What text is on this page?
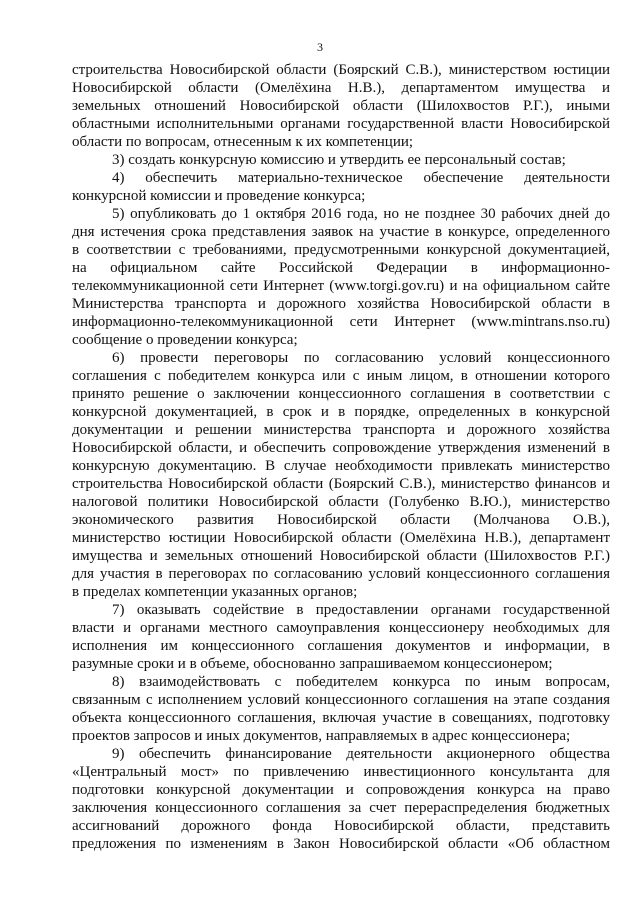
3
строительства Новосибирской области (Боярский С.В.), министерством юстиции
Новосибирской области (Омелёхина Н.В.), департаментом имущества и
земельных отношений Новосибирской области (Шилохвостов Р.Г.), иными
областными исполнительными органами государственной власти Новосибирской
области по вопросам, отнесенным к их компетенции;
3) создать конкурсную комиссию и утвердить ее персональный состав;
4) обеспечить материально-техническое обеспечение деятельности
конкурсной комиссии и проведение конкурса;
5) опубликовать до 1 октября 2016 года, но не позднее 30 рабочих дней до
дня истечения срока представления заявок на участие в конкурсе, определенного
в соответствии с требованиями, предусмотренными конкурсной документацией,
на официальном сайте Российской Федерации в информационно-
телекоммуникационной сети Интернет (www.torgi.gov.ru) и на официальном сайте
Министерства транспорта и дорожного хозяйства Новосибирской области в
информационно-телекоммуникационной сети Интернет (www.mintrans.nso.ru)
сообщение о проведении конкурса;
6) провести переговоры по согласованию условий концессионного
соглашения с победителем конкурса или с иным лицом, в отношении которого
принято решение о заключении концессионного соглашения в соответствии с
конкурсной документацией, в срок и в порядке, определенных в конкурсной
документации и решении министерства транспорта и дорожного хозяйства
Новосибирской области, и обеспечить сопровождение утверждения изменений в
конкурсную документацию. В случае необходимости привлекать министерство
строительства Новосибирской области (Боярский С.В.), министерство финансов и
налоговой политики Новосибирской области (Голубенко В.Ю.), министерство
экономического развития Новосибирской области (Молчанова О.В.),
министерство юстиции Новосибирской области (Омелёхина Н.В.), департамент
имущества и земельных отношений Новосибирской области (Шилохвостов Р.Г.)
для участия в переговорах по согласованию условий концессионного соглашения
в пределах компетенции указанных органов;
7) оказывать содействие в предоставлении органами государственной
власти и органами местного самоуправления концессионеру необходимых для
исполнения им концессионного соглашения документов и информации, в
разумные сроки и в объеме, обоснованно запрашиваемом концессионером;
8) взаимодействовать с победителем конкурса по иным вопросам,
связанным с исполнением условий концессионного соглашения на этапе создания
объекта концессионного соглашения, включая участие в совещаниях, подготовку
проектов запросов и иных документов, направляемых в адрес концессионера;
9) обеспечить финансирование деятельности акционерного общества
«Центральный мост» по привлечению инвестиционного консультанта для
подготовки конкурсной документации и сопровождения конкурса на право
заключения концессионного соглашения за счет перераспределения бюджетных
ассигнований дорожного фонда Новосибирской области, представить
предложения по изменениям в Закон Новосибирской области «Об областном
